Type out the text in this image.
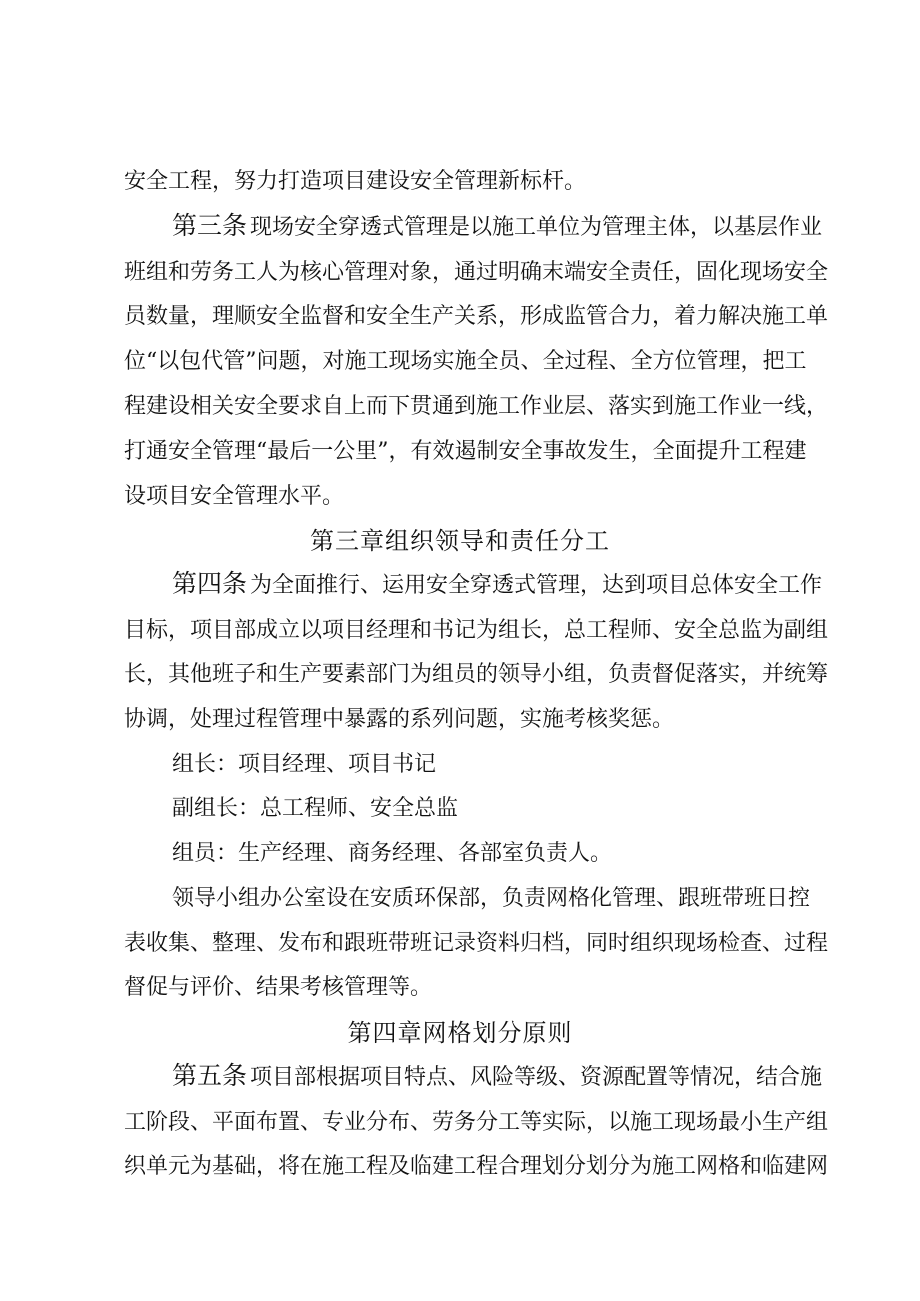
安全工程，努力打造项目建设安全管理新标杆。
第三条 现场安全穿透式管理是以施工单位为管理主体，以基层作业
班组和劳务工人为核心管理对象，通过明确末端安全责任，固化现场安全
员数量，理顺安全监督和安全生产关系，形成监管合力，着力解决施工单
位“以包代管”问题，对施工现场实施全员、全过程、全方位管理，把工
程建设相关安全要求自上而下贯通到施工作业层、落实到施工作业一线，
打通安全管理“最后一公里”，有效遏制安全事故发生，全面提升工程建
设项目安全管理水平。
第三章组织领导和责任分工
第四条 为全面推行、运用安全穿透式管理，达到项目总体安全工作
目标，项目部成立以项目经理和书记为组长，总工程师、安全总监为副组
长，其他班子和生产要素部门为组员的领导小组，负责督促落实，并统筹
协调，处理过程管理中暴露的系列问题，实施考核奖惩。
组长：项目经理、项目书记
副组长：总工程师、安全总监
组员：生产经理、商务经理、各部室负责人。
领导小组办公室设在安质环保部，负责网格化管理、跟班带班日控
表收集、整理、发布和跟班带班记录资料归档，同时组织现场检查、过程
督促与评价、结果考核管理等。
第四章网格划分原则
第五条 项目部根据项目特点、风险等级、资源配置等情况，结合施
工阶段、平面布置、专业分布、劳务分工等实际，以施工现场最小生产组
织单元为基础，将在施工程及临建工程合理划分划分为施工网格和临建网
